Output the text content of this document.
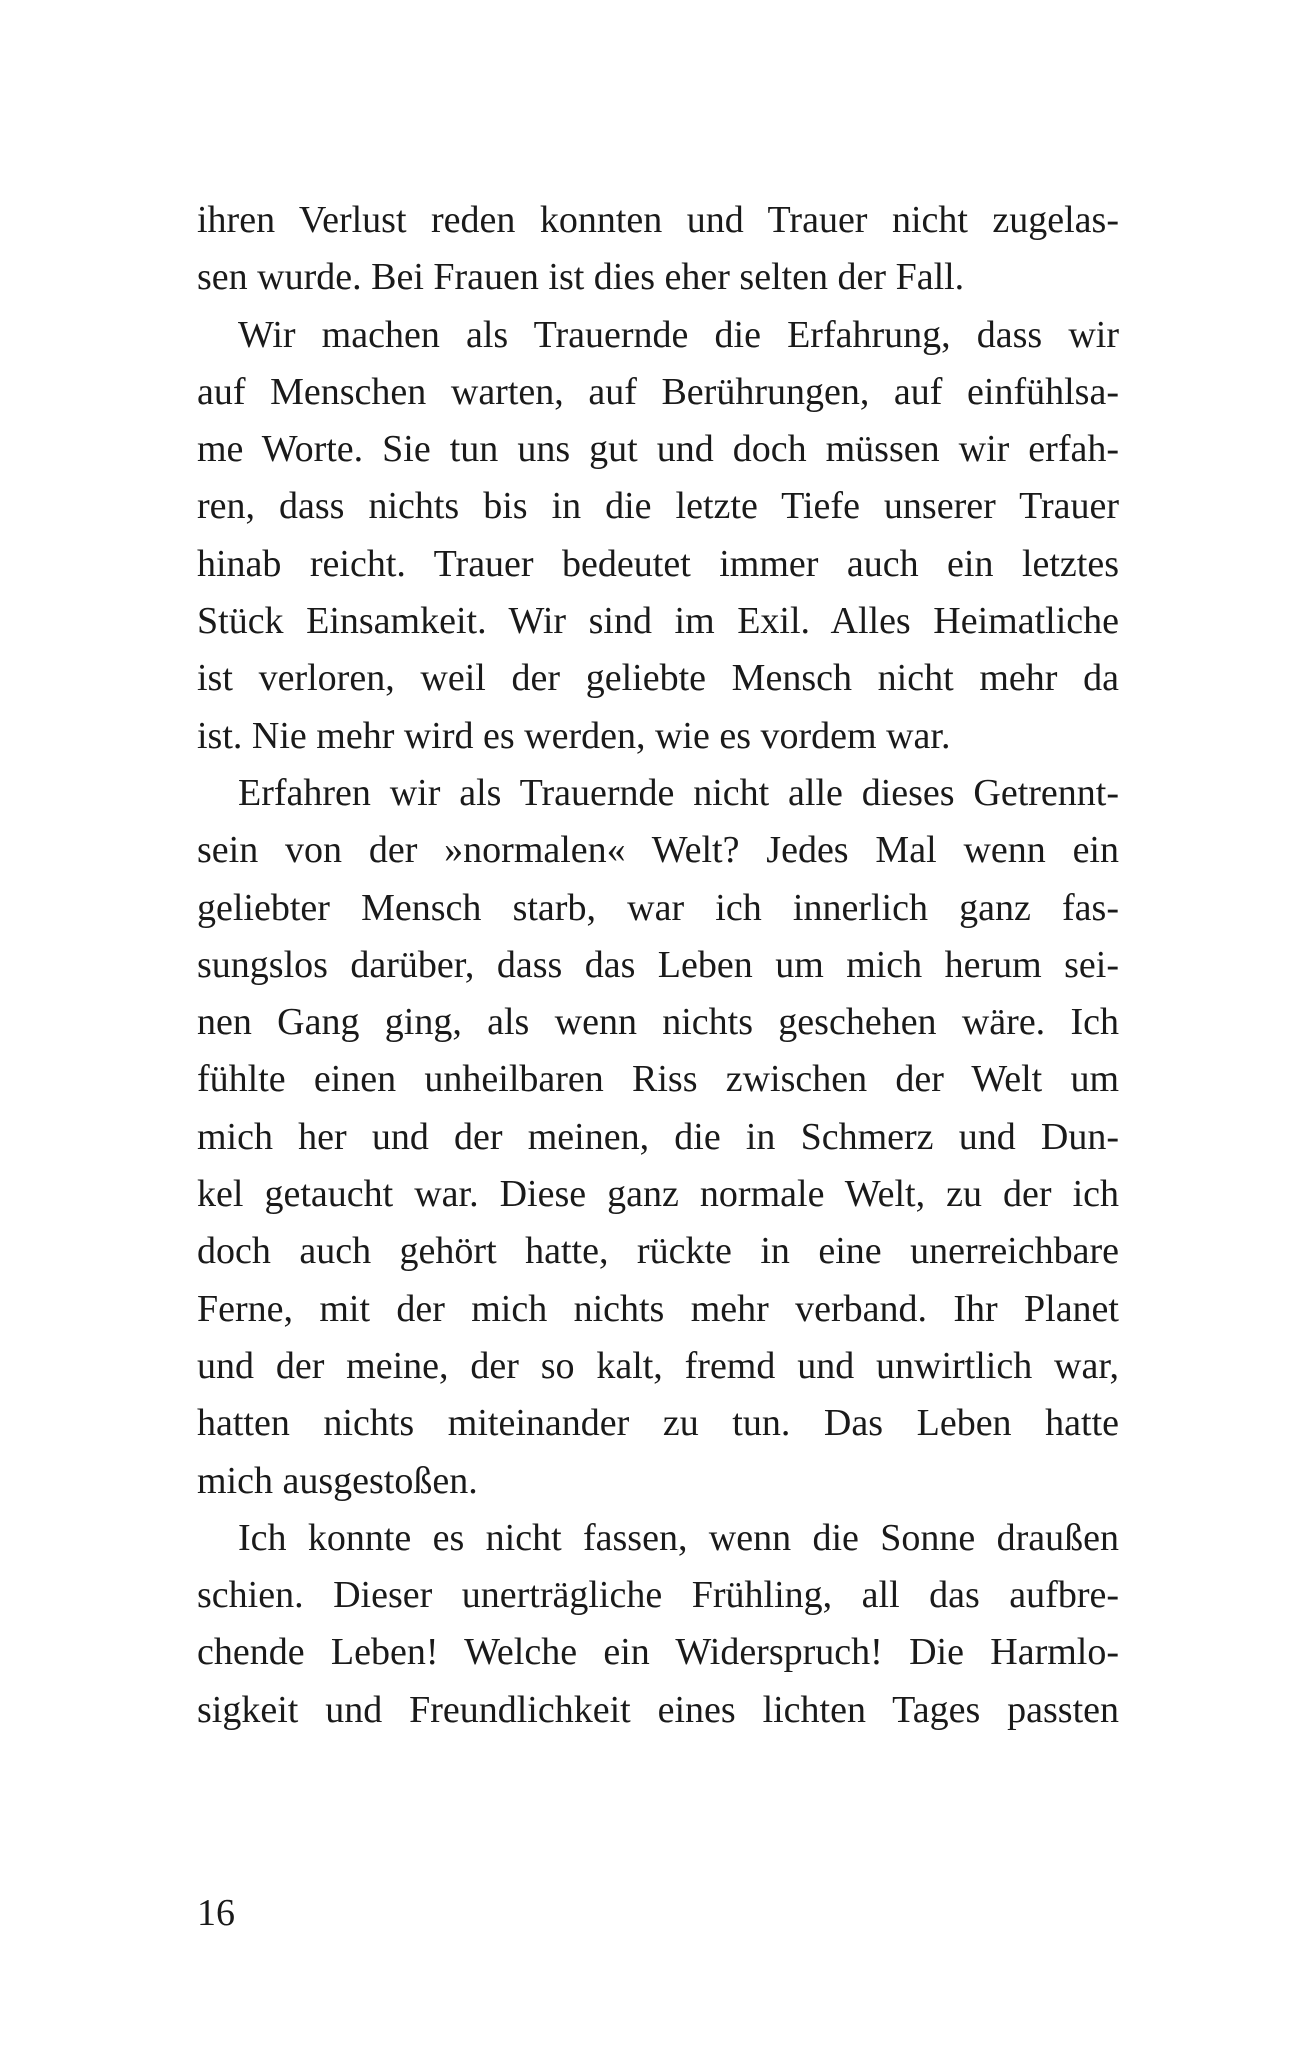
ihren Verlust reden konnten und Trauer nicht zugelas-
sen wurde. Bei Frauen ist dies eher selten der Fall.
Wir machen als Trauernde die Erfahrung, dass wir
auf Menschen warten, auf Berührungen, auf einfühlsa-
me Worte. Sie tun uns gut und doch müssen wir erfah-
ren, dass nichts bis in die letzte Tiefe unserer Trauer
hinab reicht. Trauer bedeutet immer auch ein letztes
Stück Einsamkeit. Wir sind im Exil. Alles Heimatliche
ist verloren, weil der geliebte Mensch nicht mehr da
ist. Nie mehr wird es werden, wie es vordem war.
Erfahren wir als Trauernde nicht alle dieses Getrennt-
sein von der »normalen« Welt? Jedes Mal wenn ein
geliebter Mensch starb, war ich innerlich ganz fas-
sungslos darüber, dass das Leben um mich herum sei-
nen Gang ging, als wenn nichts geschehen wäre. Ich
fühlte einen unheilbaren Riss zwischen der Welt um
mich her und der meinen, die in Schmerz und Dun-
kel getaucht war. Diese ganz normale Welt, zu der ich
doch auch gehört hatte, rückte in eine unerreichbare
Ferne, mit der mich nichts mehr verband. Ihr Planet
und der meine, der so kalt, fremd und unwirtlich war,
hatten nichts miteinander zu tun. Das Leben hatte
mich ausgestoßen.
Ich konnte es nicht fassen, wenn die Sonne draußen
schien. Dieser unerträgliche Frühling, all das aufbre-
chende Leben! Welche ein Widerspruch! Die Harmlo-
sigkeit und Freundlichkeit eines lichten Tages passten
16
